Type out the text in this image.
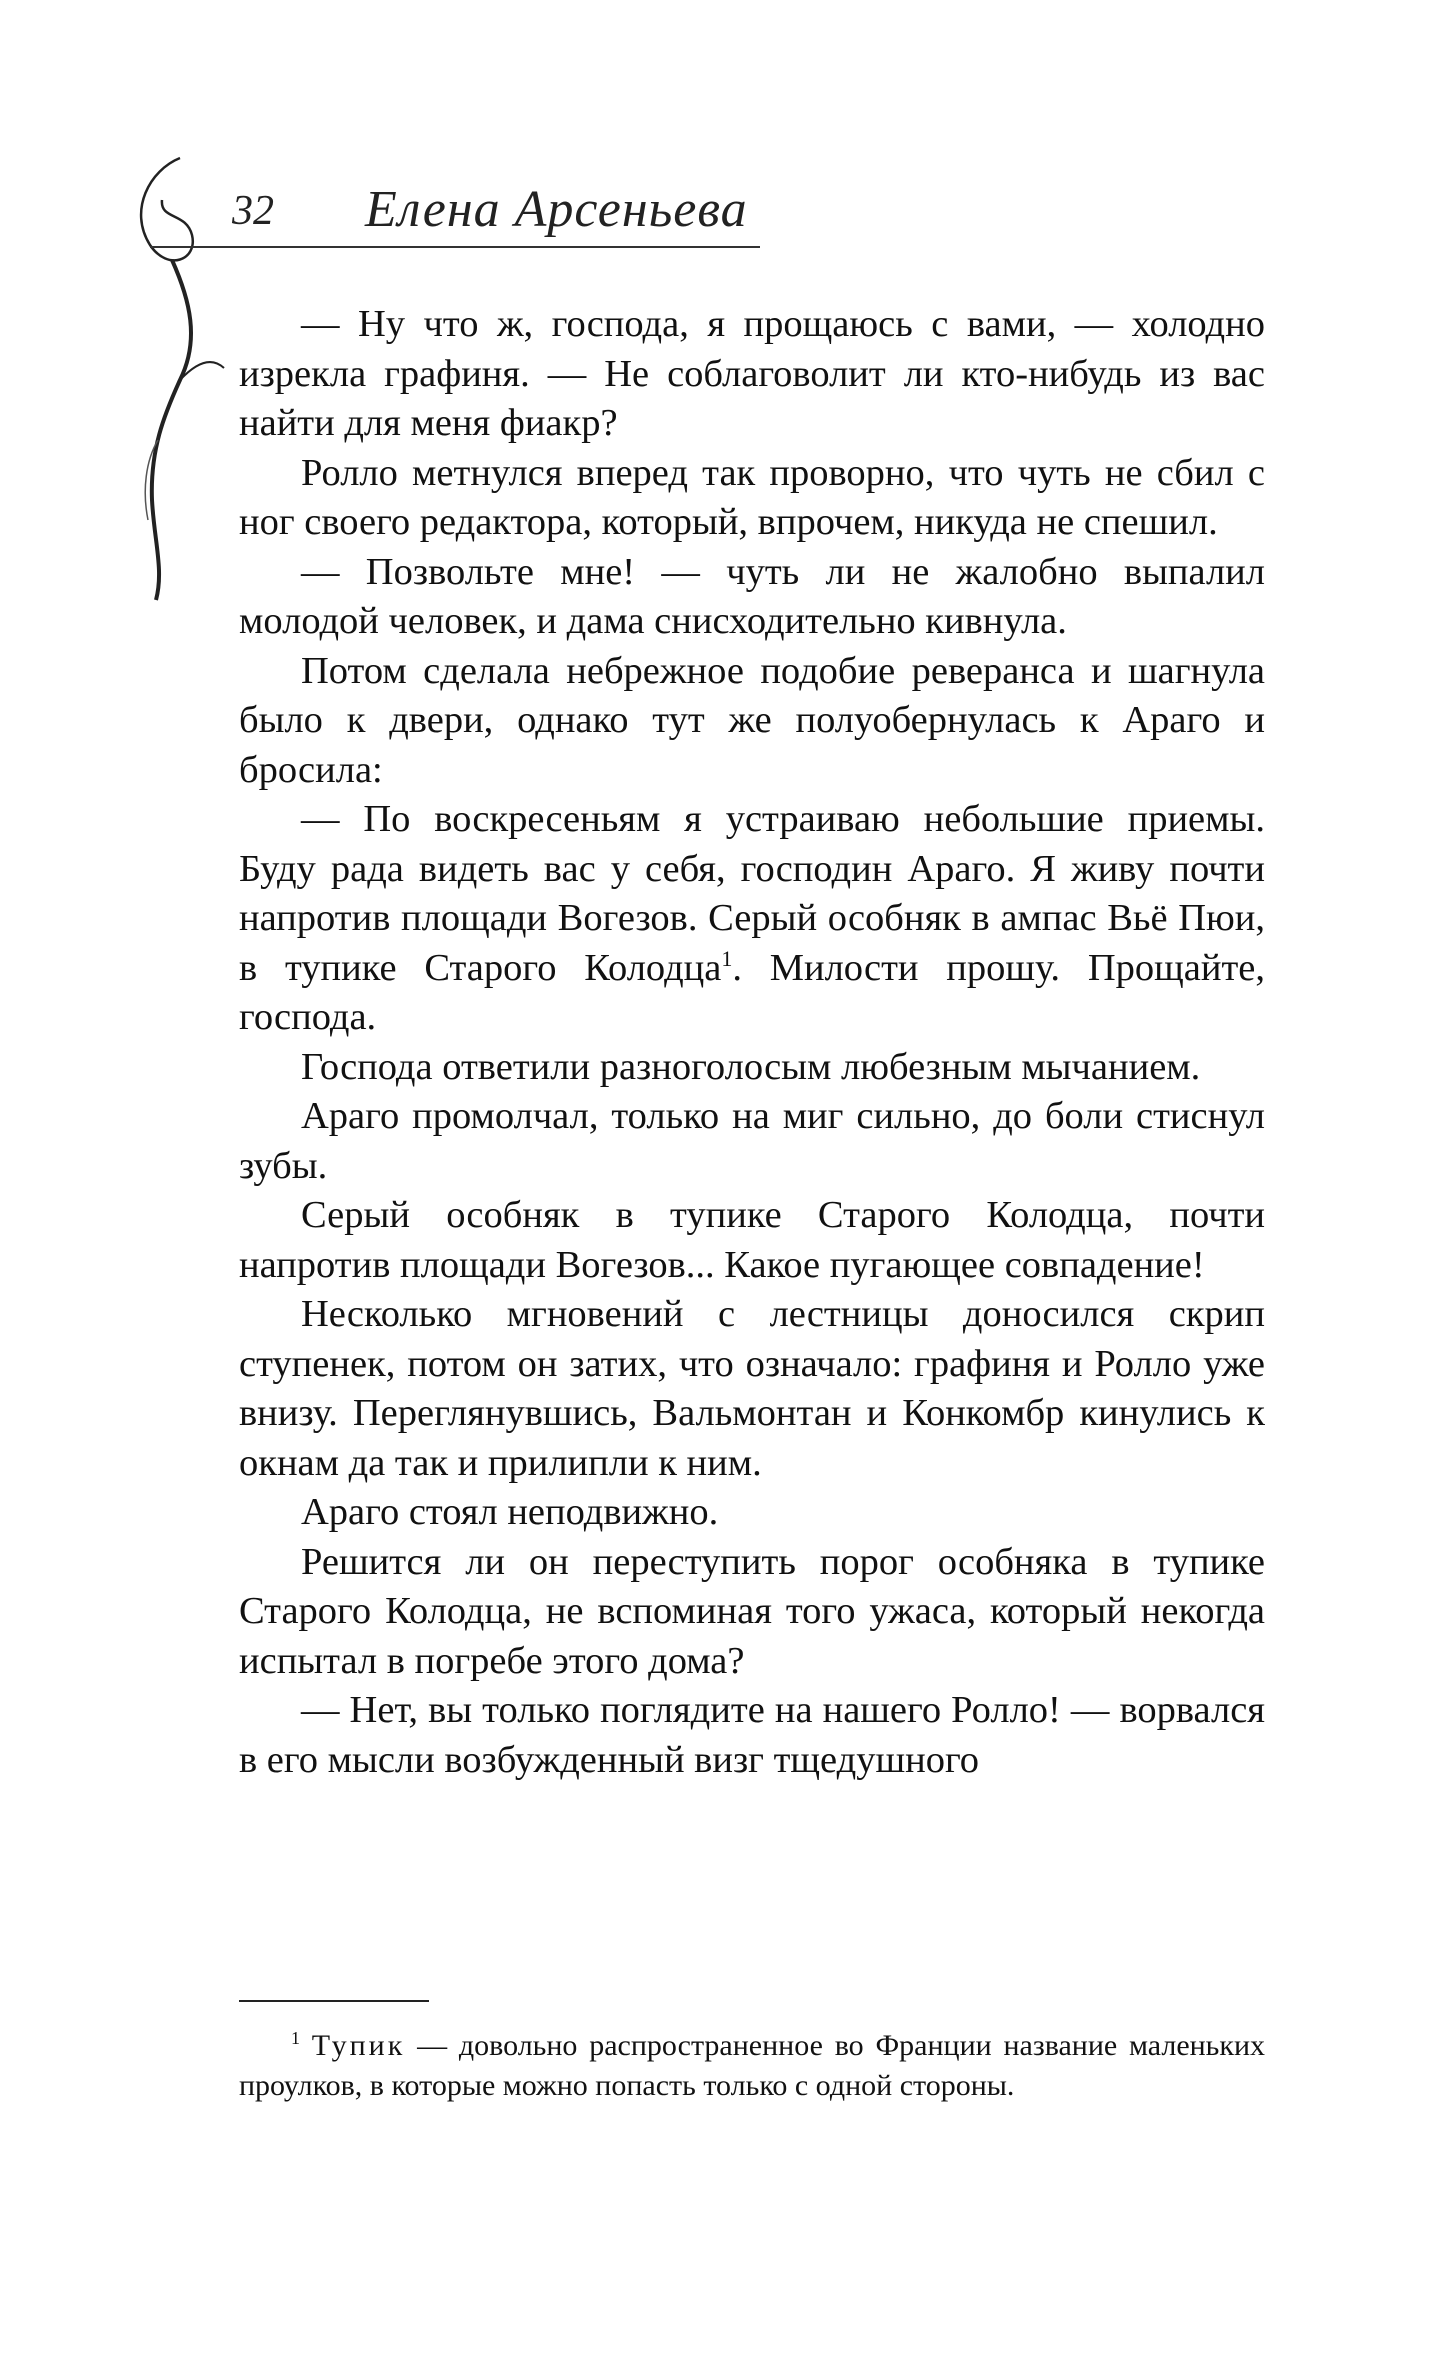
32 Елена Арсеньева

— Ну что ж, господа, я прощаюсь с вами, — холодно изрекла графиня. — Не соблаговолит ли кто-нибудь из вас найти для меня фиакр?

Ролло метнулся вперед так проворно, что чуть не сбил с ног своего редактора, который, впрочем, никуда не спешил.

— Позвольте мне! — чуть ли не жалобно выпалил молодой человек, и дама снисходительно кивнула.

Потом сделала небрежное подобие реверанса и шагнула было к двери, однако тут же полуобернулась к Араго и бросила:

— По воскресеньям я устраиваю небольшие приемы. Буду рада видеть вас у себя, господин Араго. Я живу почти напротив площади Вогезов. Серый особняк в ампас Вьё Пюи, в тупике Старого Колодца$^1$. Милости прошу. Прощайте, господа.

Господа ответили разноголосым любезным мычанием.

Араго промолчал, только на миг сильно, до боли стиснул зубы.

Серый особняк в тупике Старого Колодца, почти напротив площади Вогезов... Какое пугающее совпадение!

Несколько мгновений с лестницы доносился скрип ступенек, потом он затих, что означало: графиня и Ролло уже внизу. Переглянувшись, Вальмонтан и Конкомбр кинулись к окнам да так и прилипли к ним.

Араго стоял неподвижно.

Решится ли он переступить порог особняка в тупике Старого Колодца, не вспоминая того ужаса, который некогда испытал в погребе этого дома?

— Нет, вы только поглядите на нашего Ролло! — ворвался в его мысли возбужденный визг тщедушного

$^1$ Тупик — довольно распространенное во Франции название маленьких проулков, в которые можно попасть только с одной стороны.
